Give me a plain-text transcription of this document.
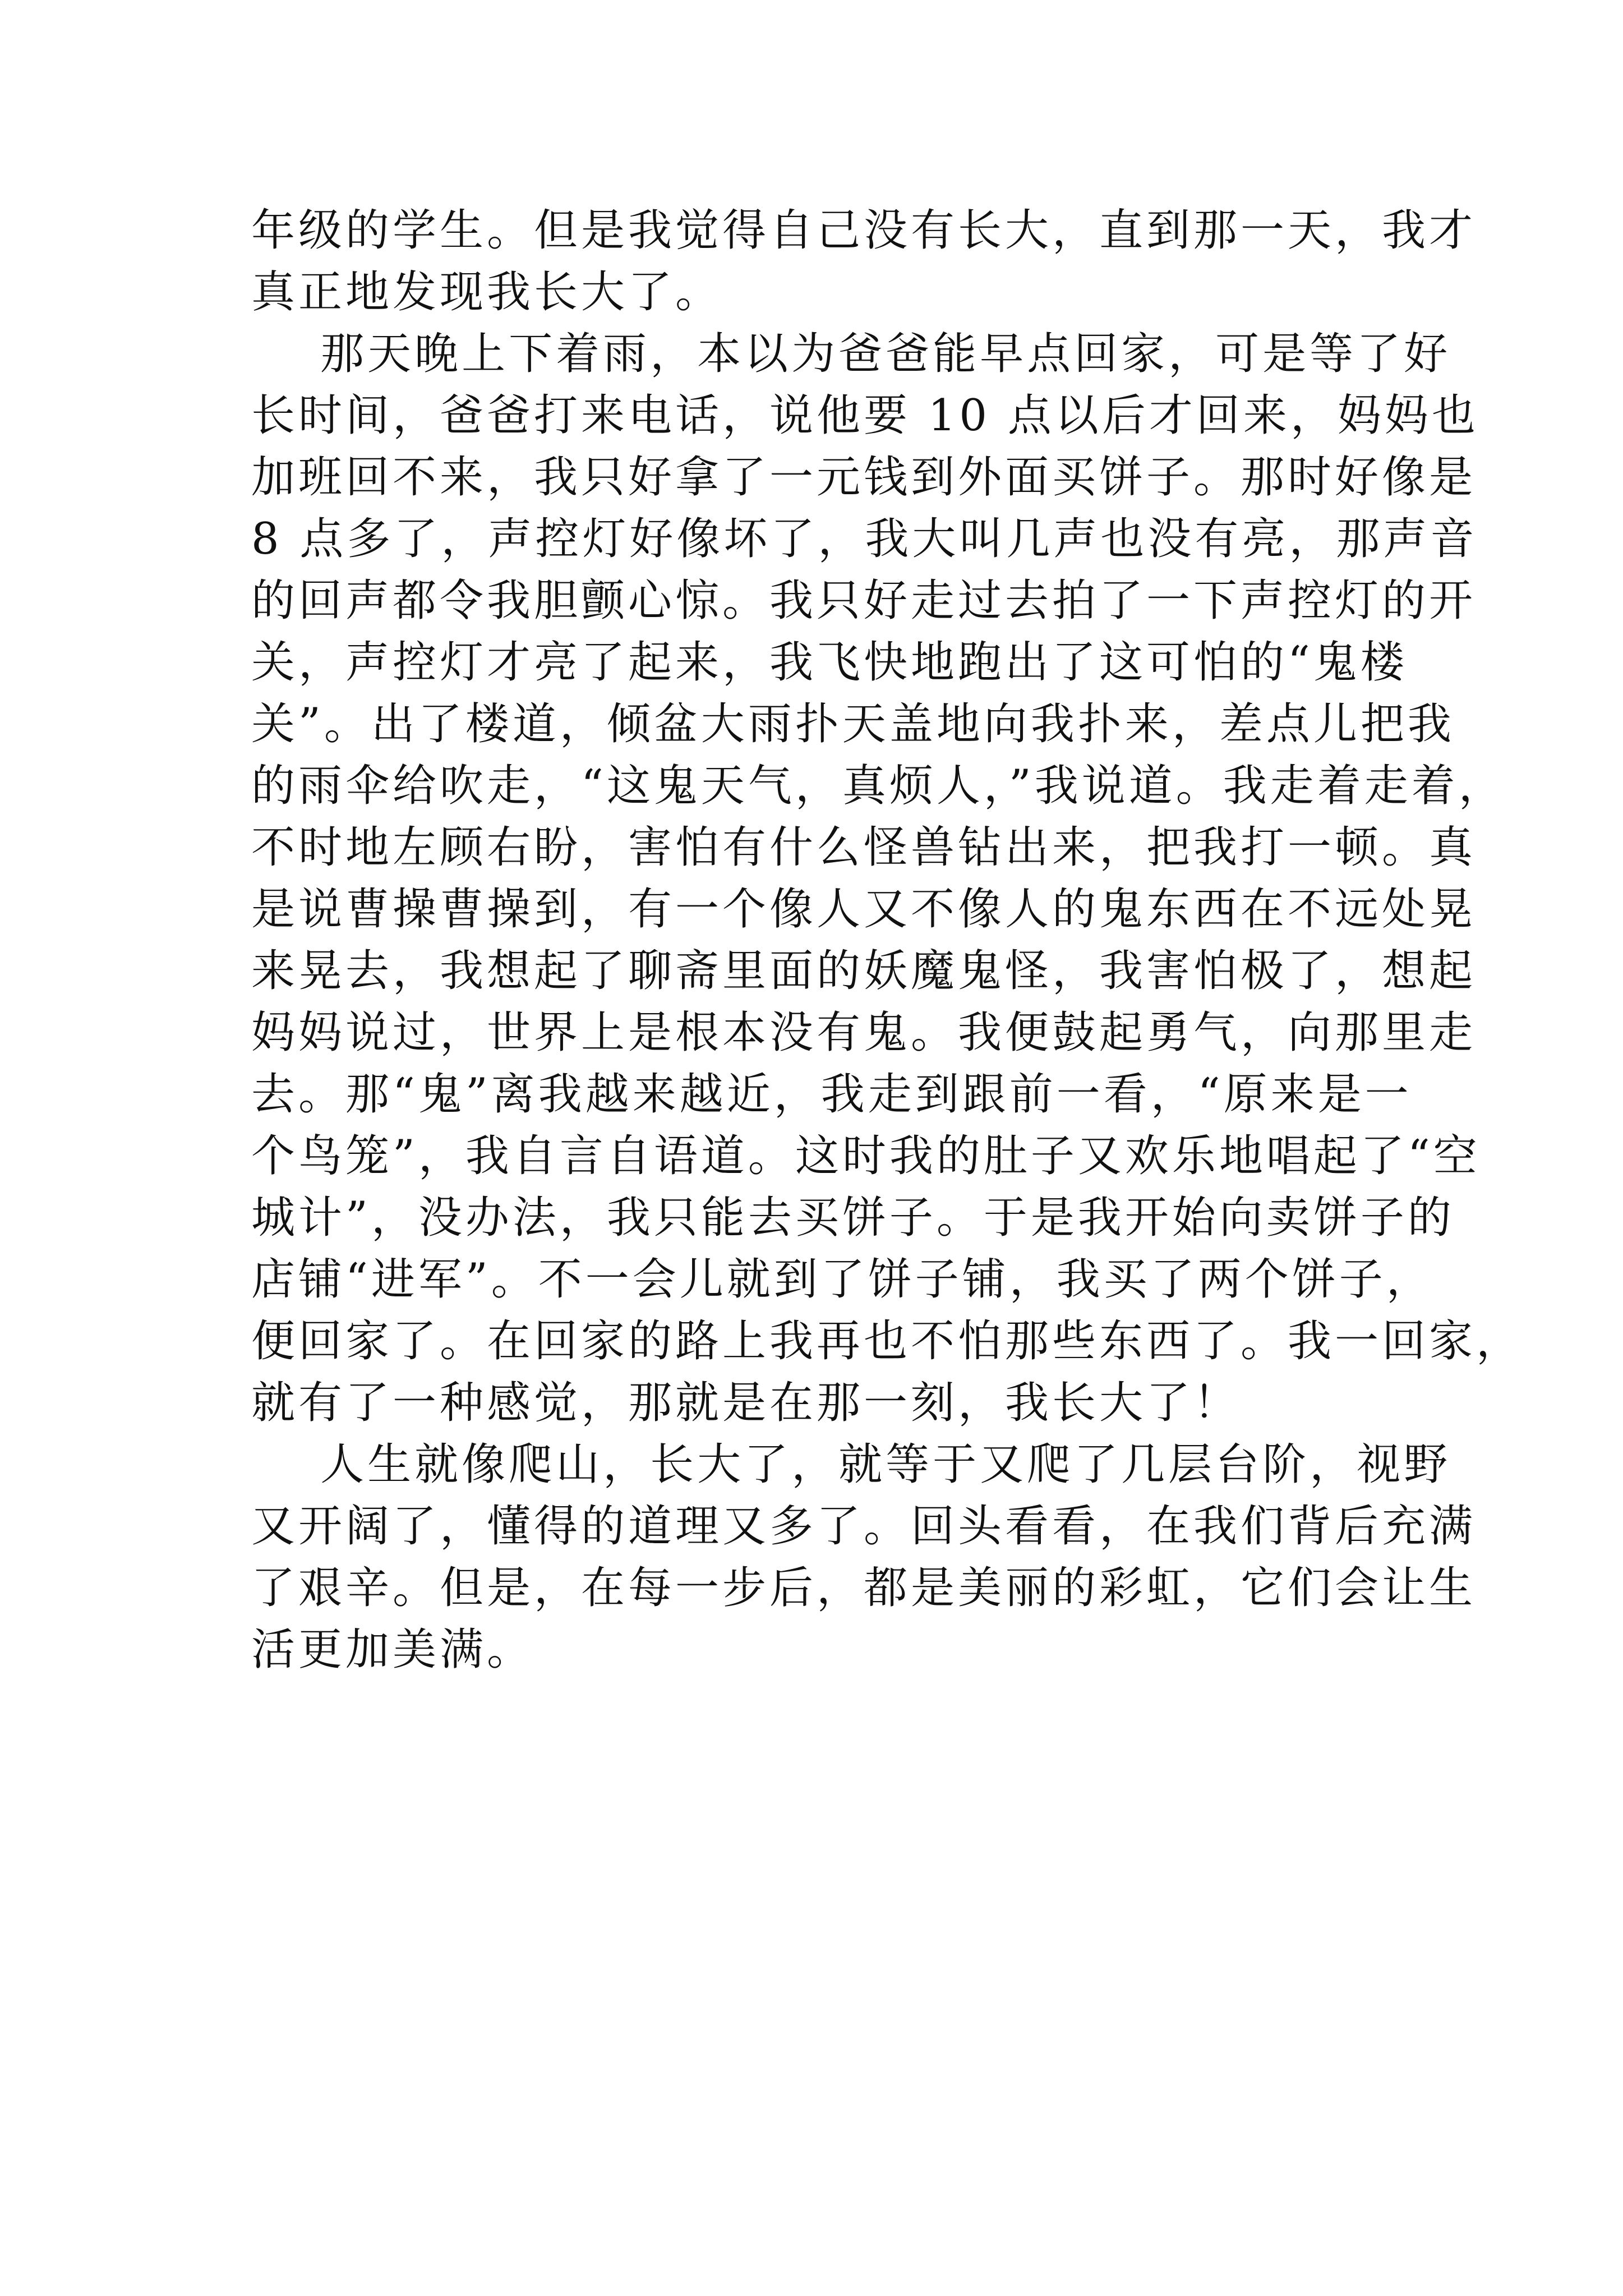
年级的学生。但是我觉得自己没有长大，直到那一天，我才
真正地发现我长大了。
那天晚上下着雨，本以为爸爸能早点回家，可是等了好
长时间，爸爸打来电话，说他要 10 点以后才回来，妈妈也
加班回不来，我只好拿了一元钱到外面买饼子。那时好像是
8 点多了，声控灯好像坏了，我大叫几声也没有亮，那声音
的回声都令我胆颤心惊。我只好走过去拍了一下声控灯的开
关，声控灯才亮了起来，我飞快地跑出了这可怕的“鬼楼
关”。出了楼道，倾盆大雨扑天盖地向我扑来，差点儿把我
的雨伞给吹走，“这鬼天气，真烦人，”我说道。我走着走着，
不时地左顾右盼，害怕有什么怪兽钻出来，把我打一顿。真
是说曹操曹操到，有一个像人又不像人的鬼东西在不远处晃
来晃去，我想起了聊斋里面的妖魔鬼怪，我害怕极了，想起
妈妈说过，世界上是根本没有鬼。我便鼓起勇气，向那里走
去。那“鬼”离我越来越近，我走到跟前一看，“原来是一
个鸟笼”，我自言自语道。这时我的肚子又欢乐地唱起了“空
城计”，没办法，我只能去买饼子。于是我开始向卖饼子的
店铺“进军”。不一会儿就到了饼子铺，我买了两个饼子，
便回家了。在回家的路上我再也不怕那些东西了。我一回家，
就有了一种感觉，那就是在那一刻，我长大了！
人生就像爬山，长大了，就等于又爬了几层台阶，视野
又开阔了，懂得的道理又多了。回头看看，在我们背后充满
了艰辛。但是，在每一步后，都是美丽的彩虹，它们会让生
活更加美满。
